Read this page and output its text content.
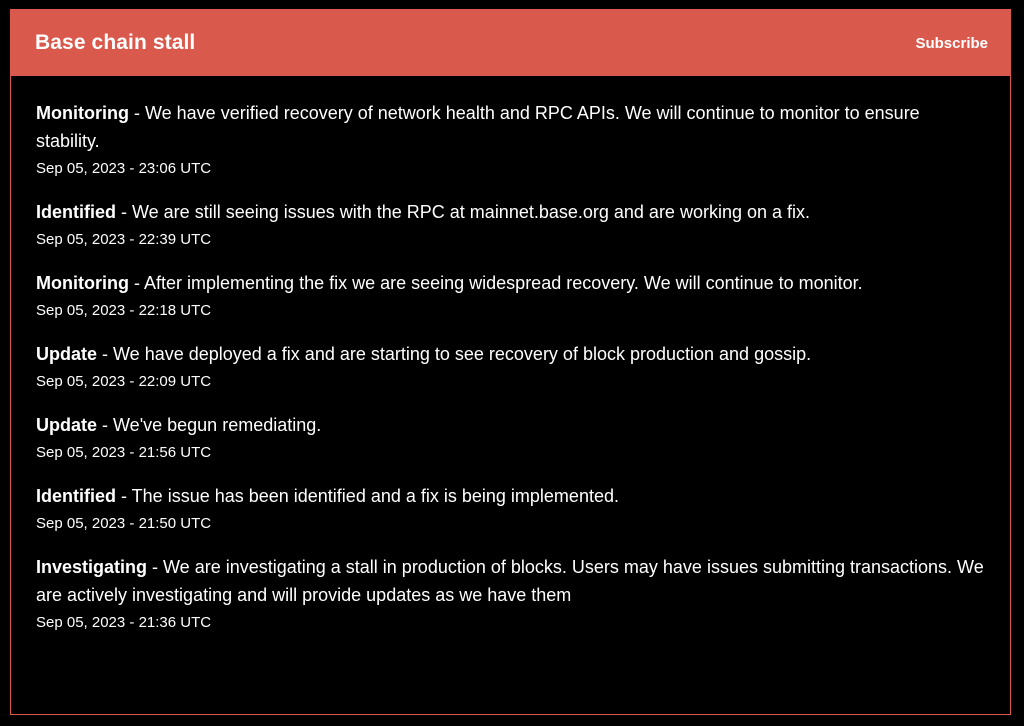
Base chain stall	Subscribe
Monitoring - We have verified recovery of network health and RPC APIs. We will continue to monitor to ensure stability.
Sep 05, 2023 - 23:06 UTC
Identified - We are still seeing issues with the RPC at mainnet.base.org and are working on a fix.
Sep 05, 2023 - 22:39 UTC
Monitoring - After implementing the fix we are seeing widespread recovery. We will continue to monitor.
Sep 05, 2023 - 22:18 UTC
Update - We have deployed a fix and are starting to see recovery of block production and gossip.
Sep 05, 2023 - 22:09 UTC
Update - We've begun remediating.
Sep 05, 2023 - 21:56 UTC
Identified - The issue has been identified and a fix is being implemented.
Sep 05, 2023 - 21:50 UTC
Investigating - We are investigating a stall in production of blocks. Users may have issues submitting transactions. We are actively investigating and will provide updates as we have them
Sep 05, 2023 - 21:36 UTC
